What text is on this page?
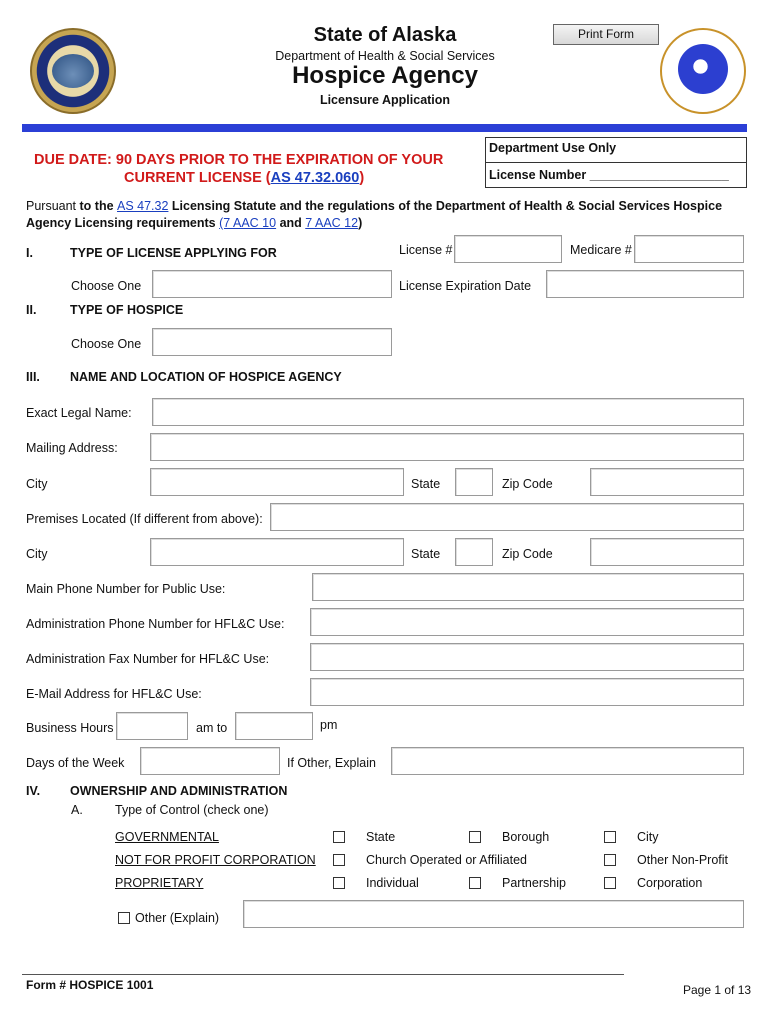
State of Alaska
Department of Health & Social Services
Hospice Agency
Licensure Application
Print Form
DUE DATE: 90 DAYS PRIOR TO THE EXPIRATION OF YOUR
CURRENT LICENSE (AS 47.32.060)
Department Use Only
License Number ____________________
Pursuant to the AS 47.32 Licensing Statute and the regulations of the Department of Health & Social Services Hospice
Agency Licensing requirements (7 AAC 10 and 7 AAC 12)
I.	TYPE OF LICENSE APPLYING FOR	License #	Medicare #
Choose One	License Expiration Date
II.	TYPE OF HOSPICE
Choose One
III. NAME AND LOCATION OF HOSPICE AGENCY
Exact Legal Name:
Mailing Address:
City	State	Zip Code
Premises Located (If different from above):
City	State	Zip Code
Main Phone Number for Public Use:
Administration Phone Number for HFL&C Use:
Administration Fax Number for HFL&C Use:
E-Mail Address for HFL&C Use:
Business Hours	am to	pm
Days of the Week	If Other, Explain
IV. OWNERSHIP AND ADMINISTRATION
A.	Type of Control (check one)
GOVERNMENTAL	State	Borough	City
NOT FOR PROFIT CORPORATION	Church Operated or Affiliated	Other Non-Profit
PROPRIETARY	Individual	Partnership	Corporation
Other (Explain)
Form # HOSPICE 1001	Page 1 of 13
